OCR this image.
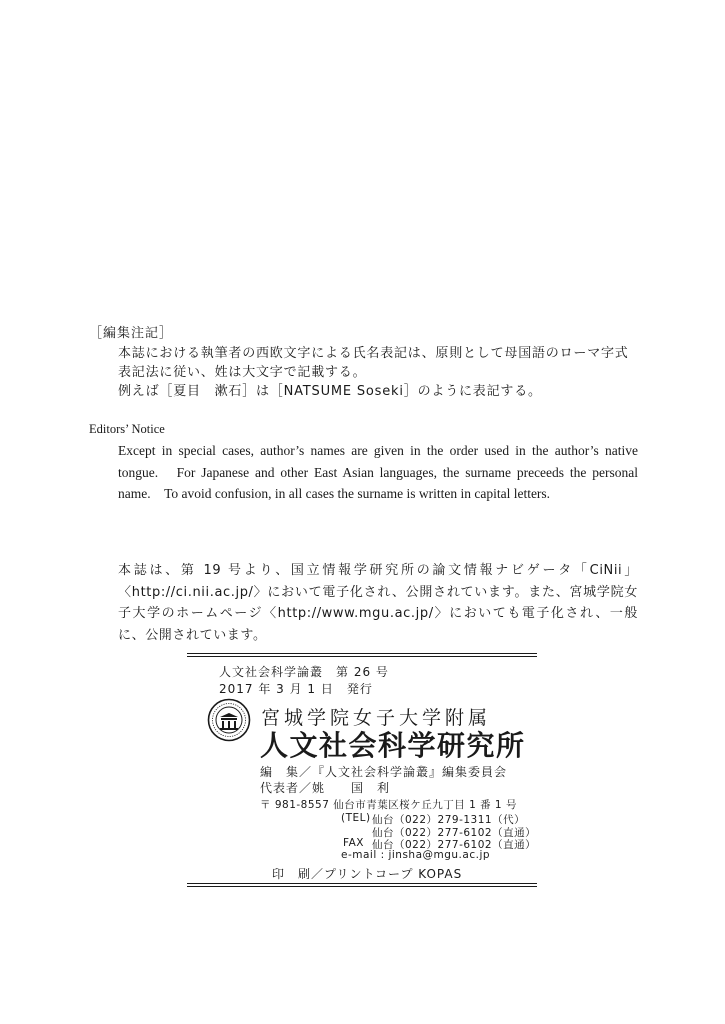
［編集注記］

本誌における執筆者の西欧文字による氏名表記は、原則として母国語のローマ字式表記法に従い、姓は大文字で記載する。

例えば［夏目　漱石］は［NATSUME Soseki］のように表記する。

Editors’ Notice

Except in special cases, author’s names are given in the order used in the author’s native tongue.　For Japanese and other East Asian languages, the surname preceeds the personal name.　To avoid confusion, in all cases the surname is written in capital letters.

本誌は、第 19 号より、国立情報学研究所の論文情報ナビゲータ「CiNii」〈http://ci.nii.ac.jp/〉において電子化され、公開されています。また、宮城学院女子大学のホームページ〈http://www.mgu.ac.jp/〉においても電子化され、一般に、公開されています。

人文社会科学論叢　第 26 号
2017 年 3 月 1 日　発行
宮城学院女子大学附属
人文社会科学研究所
編　集／『人文社会科学論叢』編集委員会
代表者／姚　　国　利
〒 981-8557 仙台市青葉区桜ケ丘九丁目 1 番 1 号
(TEL) 仙台（022）279-1311（代）
仙台（022）277-6102（直通）
FAX 仙台（022）277-6102（直通）
e-mail : jinsha@mgu.ac.jp
印　刷／プリントコープ KOPAS
